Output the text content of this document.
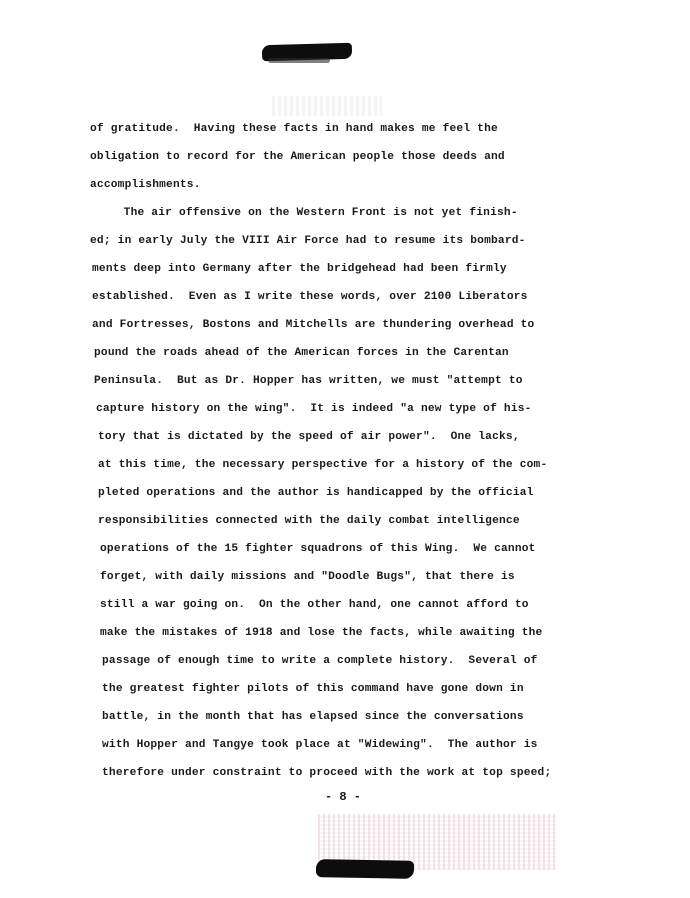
of gratitude.  Having these facts in hand makes me feel the

obligation to record for the American people those deeds and

accomplishments.

The air offensive on the Western Front is not yet finish-

ed; in early July the VIII Air Force had to resume its bombard-

ments deep into Germany after the bridgehead had been firmly

established.  Even as I write these words, over 2100 Liberators

and Fortresses, Bostons and Mitchells are thundering overhead to

pound the roads ahead of the American forces in the Carentan

Peninsula.  But as Dr. Hopper has written, we must "attempt to

capture history on the wing".  It is indeed "a new type of his-

tory that is dictated by the speed of air power".  One lacks,

at this time, the necessary perspective for a history of the com-

pleted operations and the author is handicapped by the official

responsibilities connected with the daily combat intelligence

operations of the 15 fighter squadrons of this Wing.  We cannot

forget, with daily missions and "Doodle Bugs", that there is

still a war going on.  On the other hand, one cannot afford to

make the mistakes of 1918 and lose the facts, while awaiting the

passage of enough time to write a complete history.  Several of

the greatest fighter pilots of this command have gone down in

battle, in the month that has elapsed since the conversations

with Hopper and Tangye took place at "Widewing".  The author is

therefore under constraint to proceed with the work at top speed;

- 8 -
